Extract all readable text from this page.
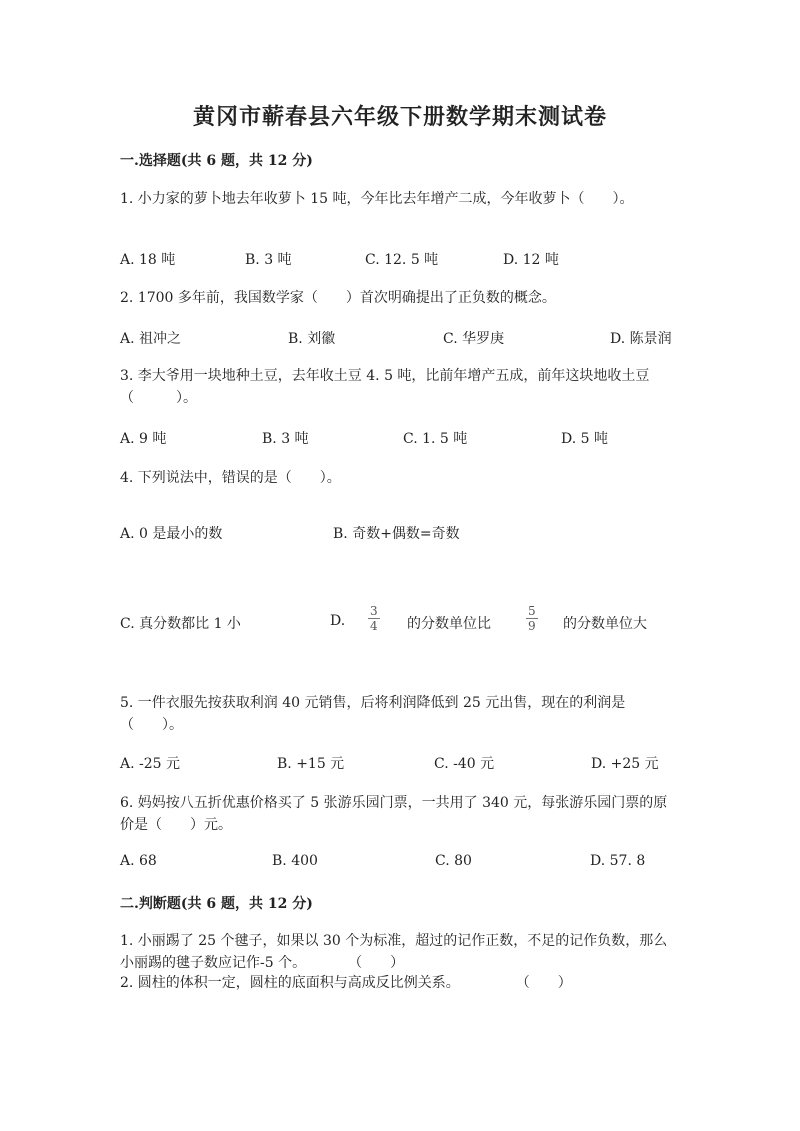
黄冈市蕲春县六年级下册数学期末测试卷
一.选择题(共 6 题，共 12 分)
1. 小力家的萝卜地去年收萝卜 15 吨，今年比去年增产二成，今年收萝卜（　　）。
A. 18 吨	B. 3 吨	C. 12. 5 吨	D. 12 吨
2. 1700 多年前，我国数学家（　　）首次明确提出了正负数的概念。
A. 祖冲之	B. 刘徽	C. 华罗庚	D. 陈景润
3. 李大爷用一块地种土豆，去年收土豆 4. 5 吨，比前年增产五成，前年这块地收土豆（　　　）。
A. 9 吨	B. 3 吨	C. 1. 5 吨	D. 5 吨
4. 下列说法中，错误的是（　　）。
A. 0 是最小的数	B. 奇数+偶数=奇数
C. 真分数都比 1 小	D. $\frac{3}{4}$ 的分数单位比	$\frac{5}{9}$ 的分数单位大
5. 一件衣服先按获取利润 40 元销售，后将利润降低到 25 元出售，现在的利润是（　　）。
A. -25 元	B. +15 元	C. -40 元	D. +25 元
6. 妈妈按八五折优惠价格买了 5 张游乐园门票，一共用了 340 元，每张游乐园门票的原价是（　　）元。
A. 68	B. 400	C. 80	D. 57. 8
二.判断题(共 6 题，共 12 分)
1. 小丽踢了 25 个毽子，如果以 30 个为标准，超过的记作正数，不足的记作负数，那么小丽踢的毽子数应记作-5 个。　　　　（　　）
2. 圆柱的体积一定，圆柱的底面积与高成反比例关系。　　　　　（　　）
